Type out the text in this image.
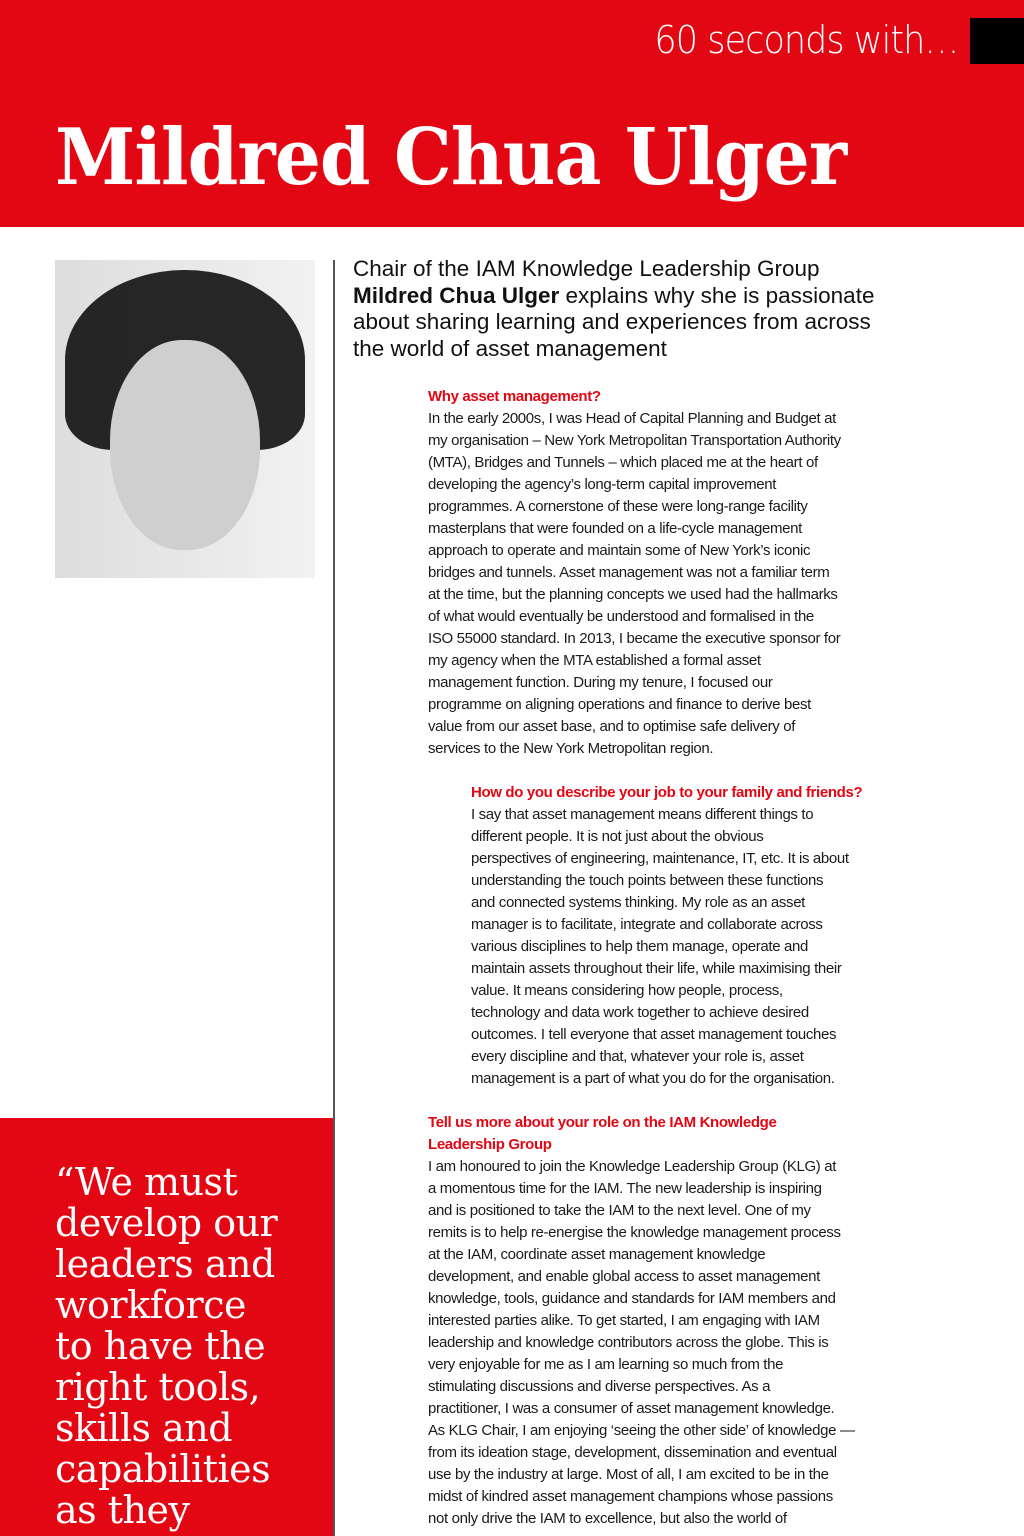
60 seconds with…
Mildred Chua Ulger
Chair of the IAM Knowledge Leadership Group
Mildred Chua Ulger explains why she is passionate
about sharing learning and experiences from across
the world of asset management
Why asset management?
In the early 2000s, I was Head of Capital Planning and Budget at
my organisation – New York Metropolitan Transportation Authority
(MTA), Bridges and Tunnels – which placed me at the heart of
developing the agency’s long-term capital improvement
programmes. A cornerstone of these were long-range facility
masterplans that were founded on a life-cycle management
approach to operate and maintain some of New York’s iconic
bridges and tunnels. Asset management was not a familiar term
at the time, but the planning concepts we used had the hallmarks
of what would eventually be understood and formalised in the
ISO 55000 standard. In 2013, I became the executive sponsor for
my agency when the MTA established a formal asset
management function. During my tenure, I focused our
programme on aligning operations and finance to derive best
value from our asset base, and to optimise safe delivery of
services to the New York Metropolitan region.
How do you describe your job to your family and friends?
I say that asset management means different things to
different people. It is not just about the obvious
perspectives of engineering, maintenance, IT, etc. It is about
understanding the touch points between these functions
and connected systems thinking. My role as an asset
manager is to facilitate, integrate and collaborate across
various disciplines to help them manage, operate and
maintain assets throughout their life, while maximising their
value. It means considering how people, process,
technology and data work together to achieve desired
outcomes. I tell everyone that asset management touches
every discipline and that, whatever your role is, asset
management is a part of what you do for the organisation.
Tell us more about your role on the IAM Knowledge
Leadership Group
I am honoured to join the Knowledge Leadership Group (KLG) at
a momentous time for the IAM. The new leadership is inspiring
and is positioned to take the IAM to the next level. One of my
remits is to help re-energise the knowledge management process
at the IAM, coordinate asset management knowledge
development, and enable global access to asset management
knowledge, tools, guidance and standards for IAM members and
interested parties alike. To get started, I am engaging with IAM
leadership and knowledge contributors across the globe. This is
very enjoyable for me as I am learning so much from the
stimulating discussions and diverse perspectives. As a
practitioner, I was a consumer of asset management knowledge.
As KLG Chair, I am enjoying ‘seeing the other side’ of knowledge —
from its ideation stage, development, dissemination and eventual
use by the industry at large. Most of all, I am excited to be in the
midst of kindred asset management champions whose passions
not only drive the IAM to excellence, but also the world of
“We must
develop our
leaders and
workforce
to have the
right tools,
skills and
capabilities
as they
